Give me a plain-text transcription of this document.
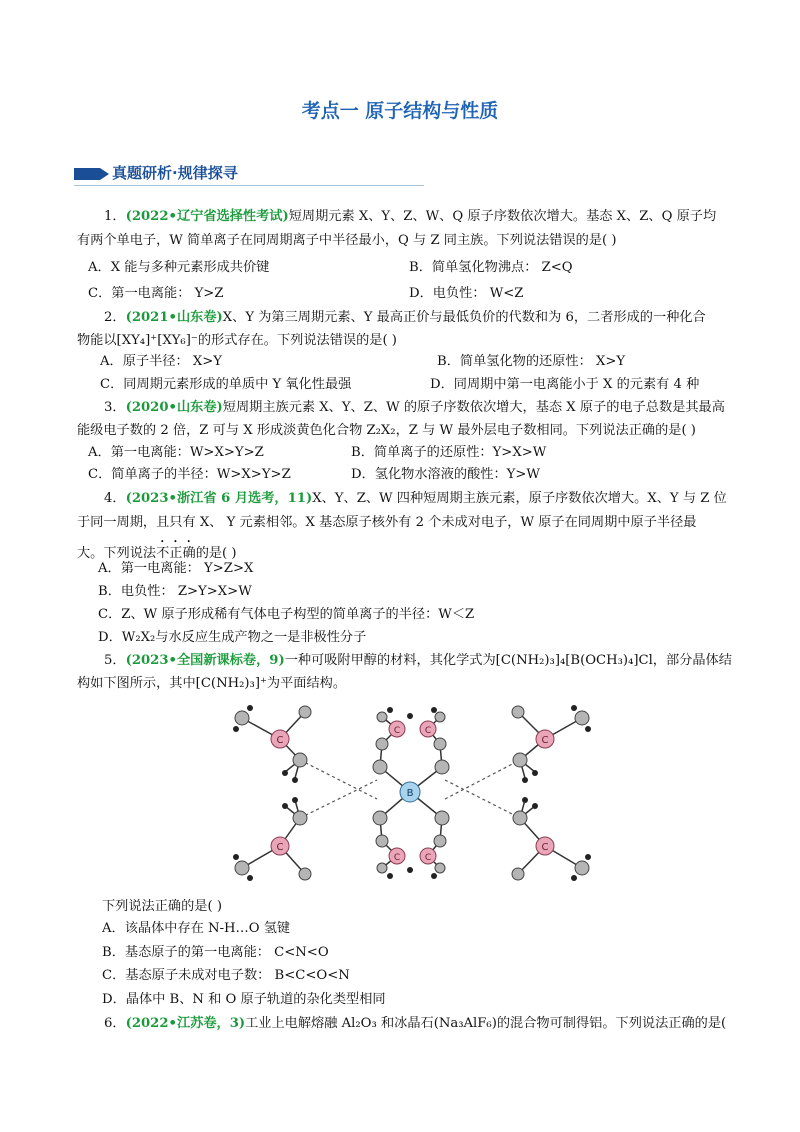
考点一 原子结构与性质
真题研析·规律探寻
1．(2022•辽宁省选择性考试)短周期元素 X、Y、Z、W、Q 原子序数依次增大。基态 X、Z、Q 原子均
有两个单电子，W 简单离子在同周期离子中半径最小，Q 与 Z 同主族。下列说法错误的是( )
A．X 能与多种元素形成共价键	B．简单氢化物沸点： Z<Q
C．第一电离能： Y>Z	D．电负性： W<Z
2．(2021•山东卷)X、Y 为第三周期元素、Y 最高正价与最低负价的代数和为 6，二者形成的一种化合
物能以[XY₄]⁺[XY₆]⁻的形式存在。下列说法错误的是( )
A．原子半径： X>Y	B．简单氢化物的还原性： X>Y
C．同周期元素形成的单质中 Y 氧化性最强	D．同周期中第一电离能小于 X 的元素有 4 种
3．(2020•山东卷)短周期主族元素 X、Y、Z、W 的原子序数依次增大，基态 X 原子的电子总数是其最高
能级电子数的 2 倍，Z 可与 X 形成淡黄色化合物 Z₂X₂，Z 与 W 最外层电子数相同。下列说法正确的是( )
A．第一电离能：W>X>Y>Z	B．简单离子的还原性：Y>X>W
C．简单离子的半径：W>X>Y>Z	D．氢化物水溶液的酸性：Y>W
4．(2023•浙江省 6 月选考，11)X、Y、Z、W 四种短周期主族元素，原子序数依次增大。X、Y 与 Z 位
于同一周期，且只有 X、 Y 元素相邻。X 基态原子核外有 2 个未成对电子，W 原子在同周期中原子半径最
大。下列说法不正确的是( )
A．第一电离能： Y>Z>X
B．电负性： Z>Y>X>W
C．Z、W 原子形成稀有气体电子构型的简单离子的半径：W＜Z
D．W₂X₂与水反应生成产物之一是非极性分子
5．(2023•全国新课标卷，9)一种可吸附甲醇的材料，其化学式为[C(NH₂)₃]₄[B(OCH₃)₄]Cl，部分晶体结
构如下图所示，其中[C(NH₂)₃]⁺为平面结构。
C
C
C
C
C	C
C	C
B
下列说法正确的是( )
A．该晶体中存在 N-H…O 氢键
B．基态原子的第一电离能： C<N<O
C．基态原子未成对电子数： B<C<O<N
D．晶体中 B、N 和 O 原子轨道的杂化类型相同
6．(2022•江苏卷，3)工业上电解熔融 Al₂O₃ 和冰晶石(Na₃AlF₆)的混合物可制得铝。下列说法正确的是(
